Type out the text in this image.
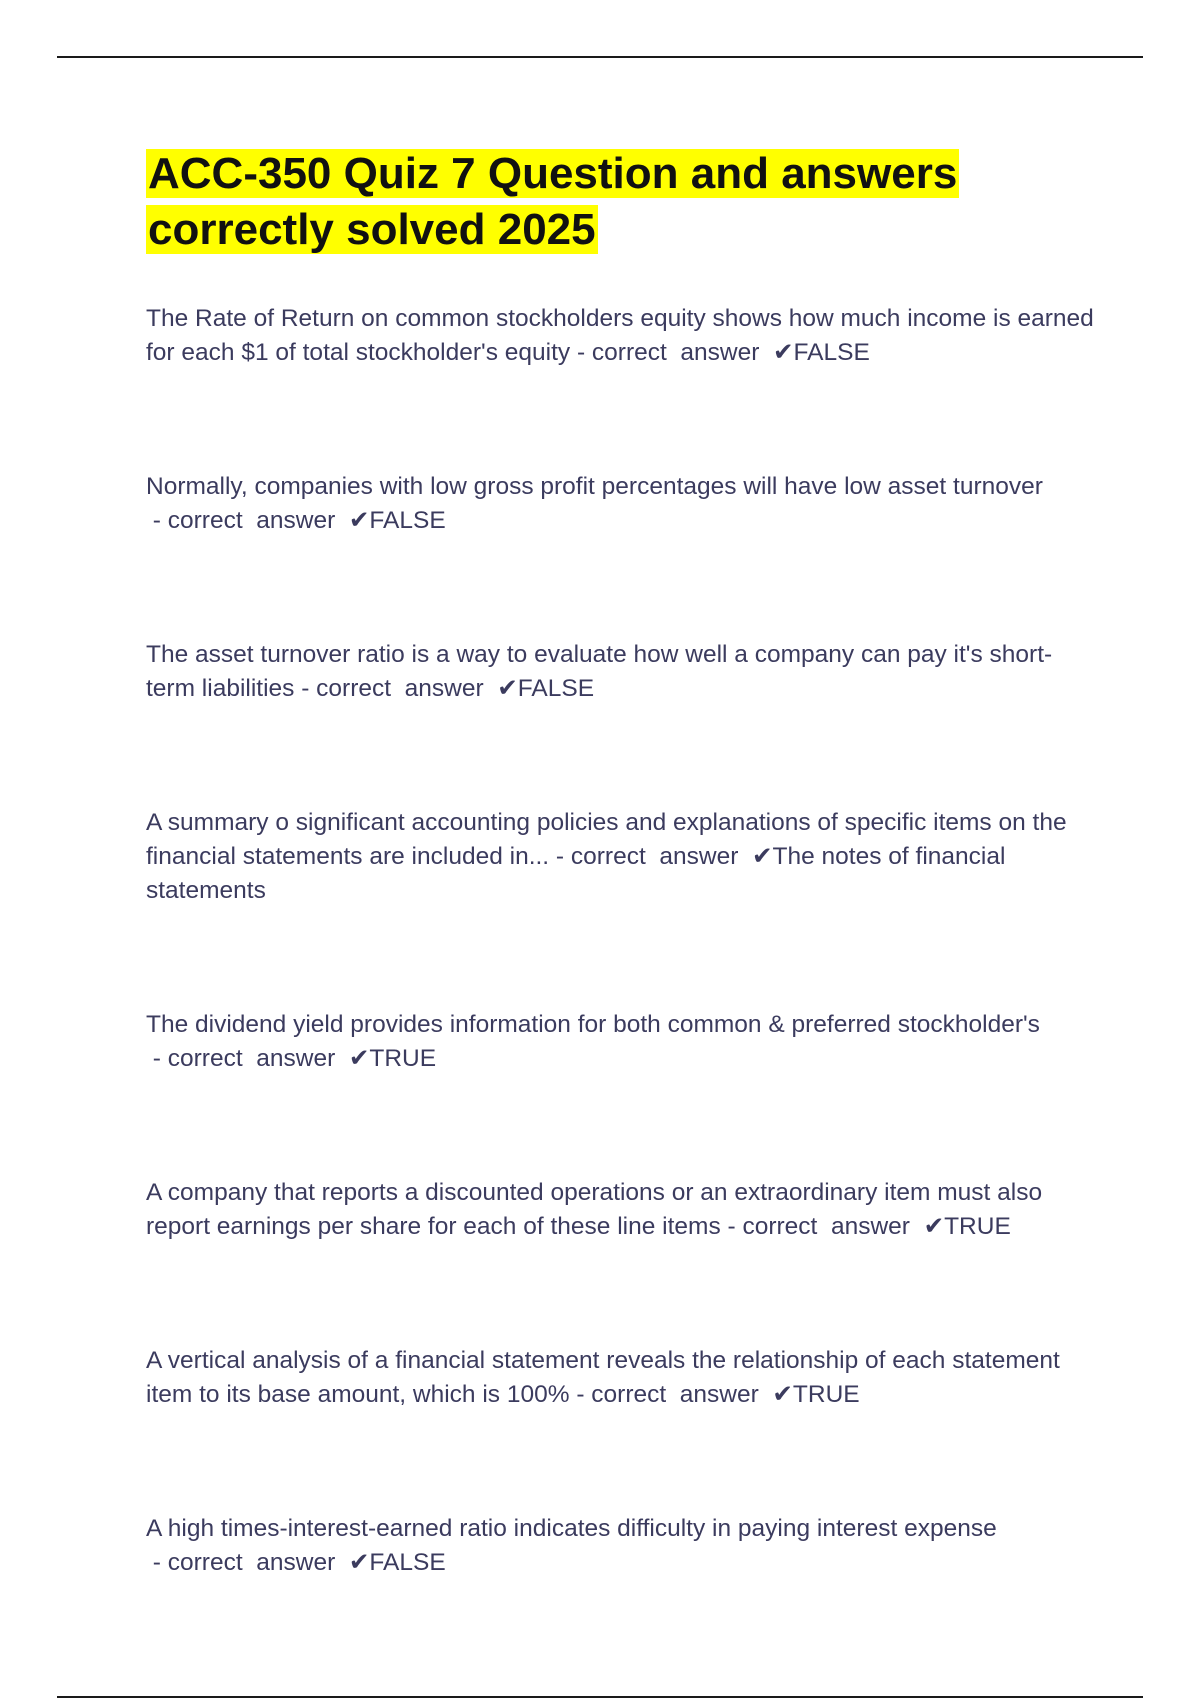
ACC-350 Quiz 7 Question and answers correctly solved 2025
The Rate of Return on common stockholders equity shows how much income is earned for each $1 of total stockholder's equity - correct  answer  ✔FALSE
Normally, companies with low gross profit percentages will have low asset turnover - correct  answer  ✔FALSE
The asset turnover ratio is a way to evaluate how well a company can pay it's short-term liabilities - correct  answer  ✔FALSE
A summary o significant accounting policies and explanations of specific items on the financial statements are included in... - correct  answer  ✔The notes of financial statements
The dividend yield provides information for both common & preferred stockholder's - correct  answer  ✔TRUE
A company that reports a discounted operations or an extraordinary item must also report earnings per share for each of these line items - correct  answer  ✔TRUE
A vertical analysis of a financial statement reveals the relationship of each statement item to its base amount, which is 100% - correct  answer  ✔TRUE
A high times-interest-earned ratio indicates difficulty in paying interest expense - correct  answer  ✔FALSE
